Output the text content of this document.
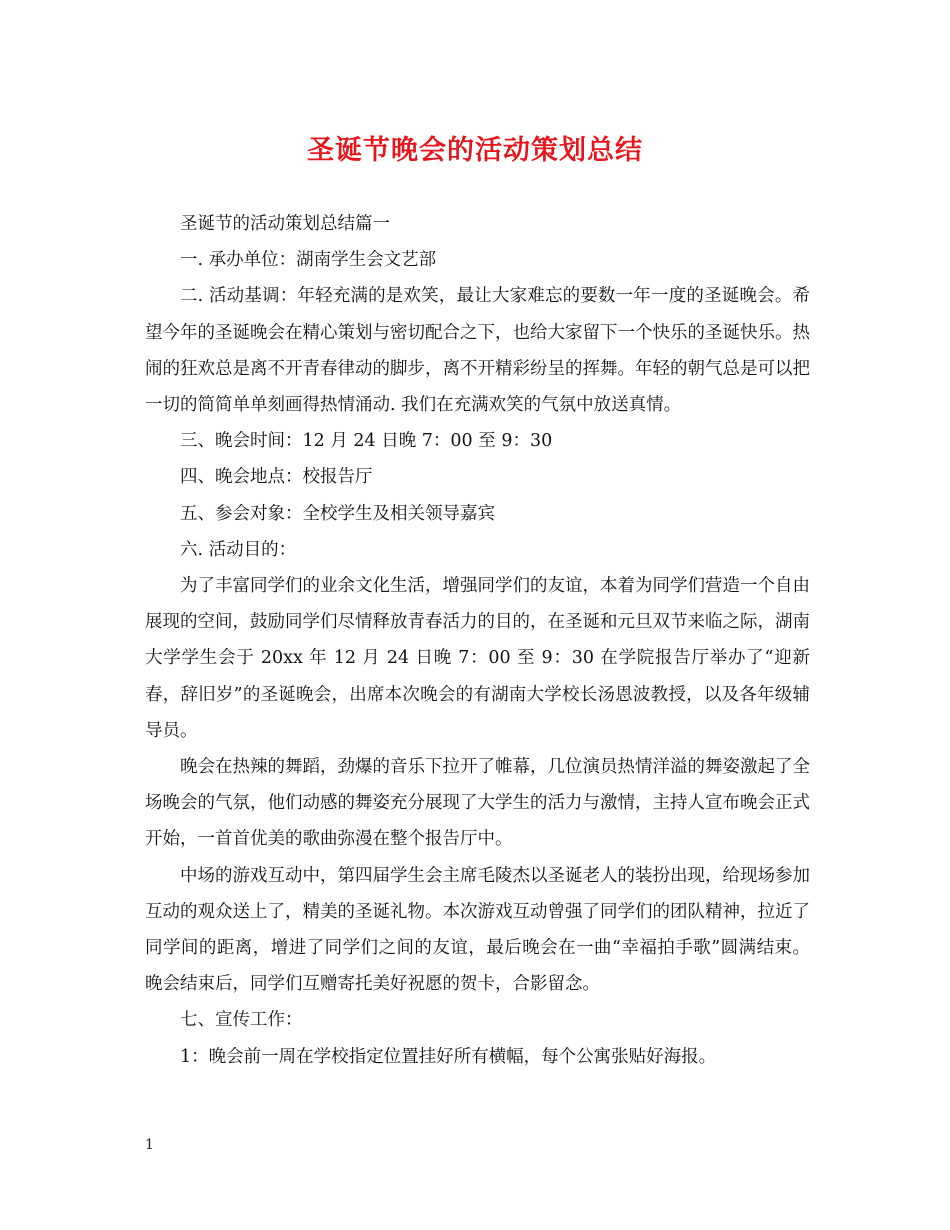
圣诞节晚会的活动策划总结

圣诞节的活动策划总结篇一

一. 承办单位：湖南学生会文艺部

二. 活动基调：年轻充满的是欢笑，最让大家难忘的要数一年一度的圣诞晚会。希望今年的圣诞晚会在精心策划与密切配合之下，也给大家留下一个快乐的圣诞快乐。热闹的狂欢总是离不开青春律动的脚步，离不开精彩纷呈的挥舞。年轻的朝气总是可以把一切的简简单单刻画得热情涌动. 我们在充满欢笑的气氛中放送真情。

三、晚会时间：12 月 24 日晚 7：00 至 9：30

四、晚会地点：校报告厅

五、参会对象：全校学生及相关领导嘉宾

六. 活动目的：

为了丰富同学们的业余文化生活，增强同学们的友谊，本着为同学们营造一个自由展现的空间，鼓励同学们尽情释放青春活力的目的，在圣诞和元旦双节来临之际，湖南大学学生会于 20xx 年 12 月 24 日晚 7：00 至 9：30 在学院报告厅举办了“迎新春，辞旧岁”的圣诞晚会，出席本次晚会的有湖南大学校长汤恩波教授，以及各年级辅导员。

晚会在热辣的舞蹈，劲爆的音乐下拉开了帷幕，几位演员热情洋溢的舞姿激起了全场晚会的气氛，他们动感的舞姿充分展现了大学生的活力与激情，主持人宣布晚会正式开始，一首首优美的歌曲弥漫在整个报告厅中。

中场的游戏互动中，第四届学生会主席毛陵杰以圣诞老人的装扮出现，给现场参加互动的观众送上了，精美的圣诞礼物。本次游戏互动曾强了同学们的团队精神，拉近了同学间的距离，增进了同学们之间的友谊，最后晚会在一曲“幸福拍手歌”圆满结束。晚会结束后，同学们互赠寄托美好祝愿的贺卡，合影留念。

七、宣传工作：

1：晚会前一周在学校指定位置挂好所有横幅，每个公寓张贴好海报。

1
